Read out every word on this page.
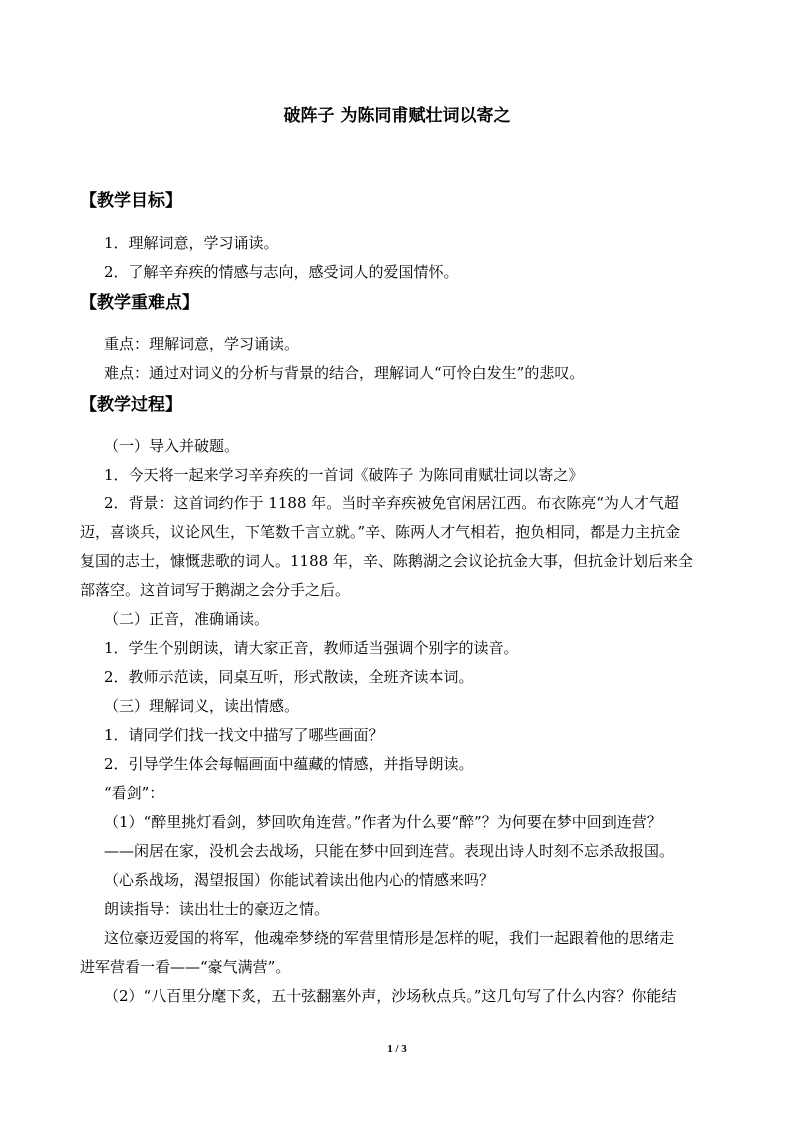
破阵子 为陈同甫赋壮词以寄之

【教学目标】

1．理解词意，学习诵读。

2．了解辛弃疾的情感与志向，感受词人的爱国情怀。

【教学重难点】

重点：理解词意，学习诵读。

难点：通过对词义的分析与背景的结合，理解词人“可怜白发生”的悲叹。

【教学过程】

（一）导入并破题。

1．今天将一起来学习辛弃疾的一首词《破阵子 为陈同甫赋壮词以寄之》

2．背景：这首词约作于 1188 年。当时辛弃疾被免官闲居江西。布衣陈亮“为人才气超

迈，喜谈兵，议论风生，下笔数千言立就。”辛、陈两人才气相若，抱负相同，都是力主抗金

复国的志士，慷慨悲歌的词人。1188 年，辛、陈鹅湖之会议论抗金大事，但抗金计划后来全

部落空。这首词写于鹅湖之会分手之后。

（二）正音，准确诵读。

1．学生个别朗读，请大家正音，教师适当强调个别字的读音。

2．教师示范读，同桌互听，形式散读，全班齐读本词。

（三）理解词义，读出情感。

1．请同学们找一找文中描写了哪些画面？

2．引导学生体会每幅画面中蕴藏的情感，并指导朗读。

“看剑”：

（1）“醉里挑灯看剑，梦回吹角连营。”作者为什么要“醉”？为何要在梦中回到连营？

——闲居在家，没机会去战场，只能在梦中回到连营。表现出诗人时刻不忘杀敌报国。

（心系战场，渴望报国）你能试着读出他内心的情感来吗？

朗读指导：读出壮士的豪迈之情。

这位豪迈爱国的将军，他魂牵梦绕的军营里情形是怎样的呢，我们一起跟着他的思绪走

进军营看一看——“豪气满营”。

（2）“八百里分麾下炙，五十弦翻塞外声，沙场秋点兵。”这几句写了什么内容？你能结

1 / 3
